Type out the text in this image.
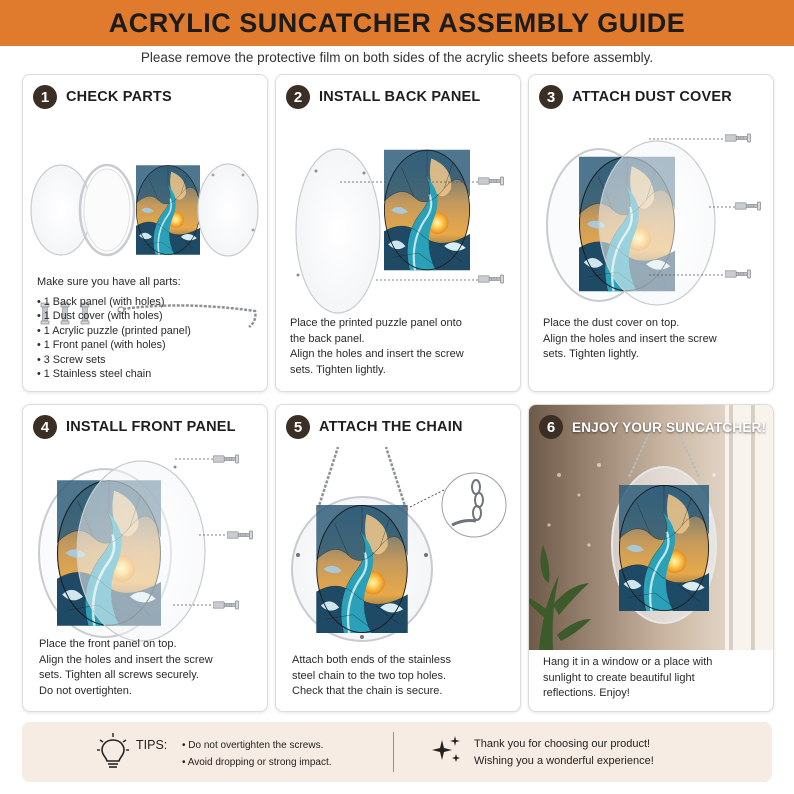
ACRYLIC SUNCATCHER ASSEMBLY GUIDE
Please remove the protective film on both sides of the acrylic sheets before assembly.
1	CHECK PARTS
Make sure you have all parts:
• 1 Back panel (with holes)
• 1 Dust cover (with holes)
• 1 Acrylic puzzle (printed panel)
• 1 Front panel (with holes)
• 3 Screw sets
• 1 Stainless steel chain
2	INSTALL BACK PANEL
Place the printed puzzle panel onto
the back panel.
Align the holes and insert the screw
sets. Tighten lightly.
3	ATTACH DUST COVER
Place the dust cover on top.
Align the holes and insert the screw
sets. Tighten lightly.
4	INSTALL FRONT PANEL
Place the front panel on top.
Align the holes and insert the screw
sets. Tighten all screws securely.
Do not overtighten.
5	ATTACH THE CHAIN
Attach both ends of the stainless
steel chain to the two top holes.
Check that the chain is secure.
6	ENJOY YOUR SUNCATCHER!
Hang it in a window or a place with
sunlight to create beautiful light
reflections. Enjoy!
TIPS:
•	Do not overtighten the screws.
• Avoid dropping or strong impact.
Thank you for choosing our product!
Wishing you a wonderful experience!
